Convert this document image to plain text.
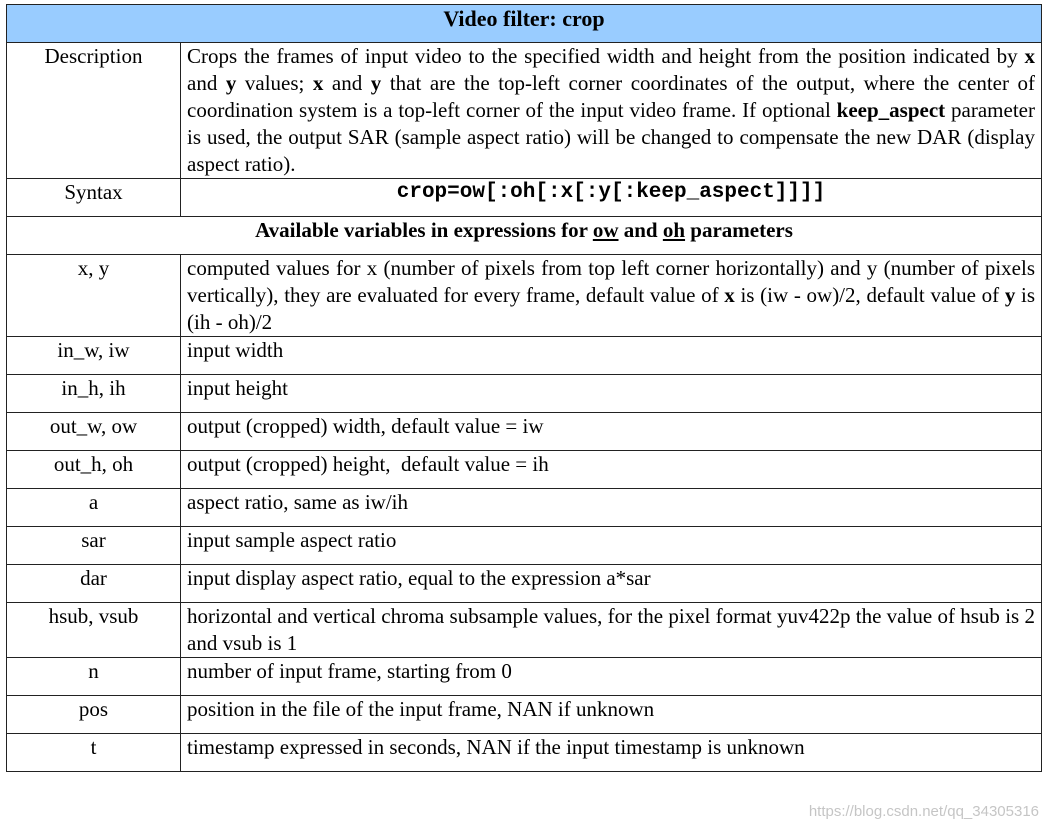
Video filter: crop	
Description	Crops the frames of input video to the specified width and height from the position indicated by x and y values; x and y that are the top-left corner coordinates of the output, where the center of coordination system is a top-left corner of the input video frame. If optional keep_aspect parameter is used, the output SAR (sample aspect ratio) will be changed to compensate the new DAR (display aspect ratio).
Syntax	crop=ow[:oh[:x[:y[:keep_aspect]]]]
Available variables in expressions for ow and oh parameters	
x, y	computed values for x (number of pixels from top left corner horizontally) and y (number of pixels vertically), they are evaluated for every frame, default value of x is (iw - ow)/2, default value of y is (ih - oh)/2
in_w, iw	input width
in_h, ih	input height
out_w, ow	output (cropped) width, default value = iw
out_h, oh	output (cropped) height,  default value = ih
a	aspect ratio, same as iw/ih
sar	input sample aspect ratio
dar	input display aspect ratio, equal to the expression a*sar
hsub, vsub	horizontal and vertical chroma subsample values, for the pixel format yuv422p the value of hsub is 2 and vsub is 1
n	number of input frame, starting from 0
pos	position in the file of the input frame, NAN if unknown
t	timestamp expressed in seconds, NAN if the input timestamp is unknown
https://blog.csdn.net/qq_34305316
